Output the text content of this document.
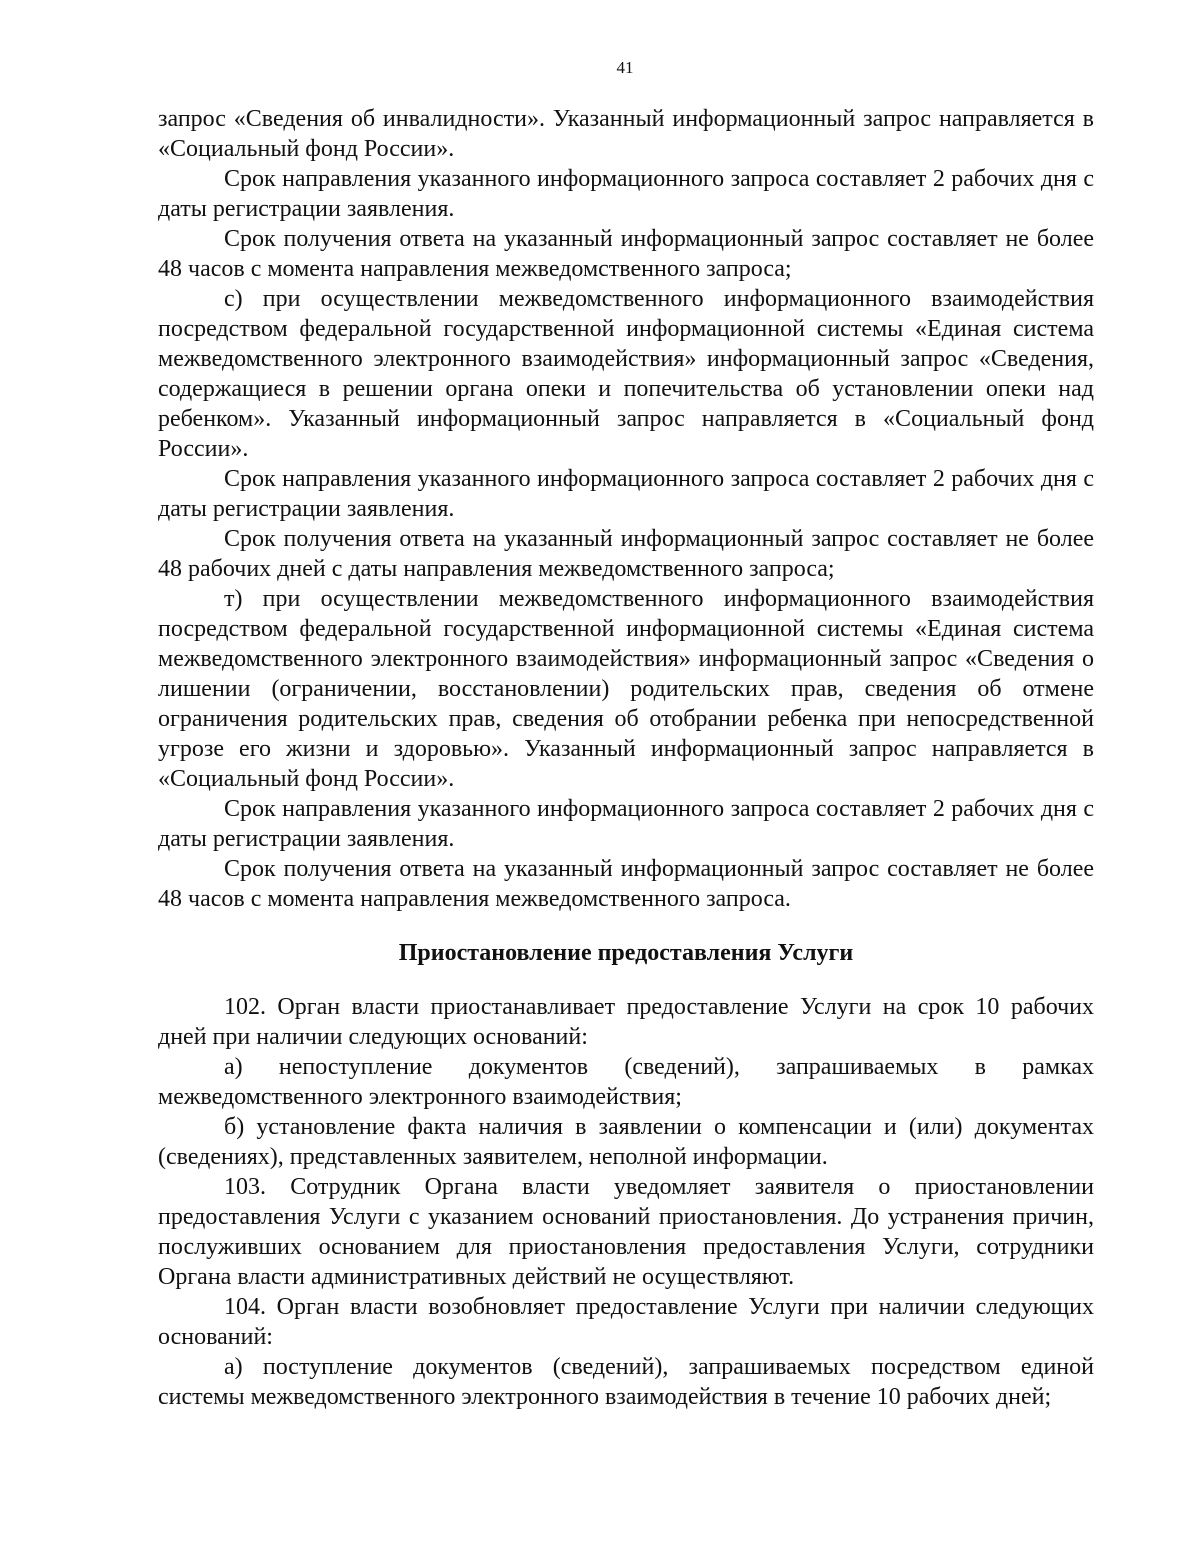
41

запрос «Сведения об инвалидности». Указанный информационный запрос направляется в «Социальный фонд России».

Срок направления указанного информационного запроса составляет 2 рабочих дня с даты регистрации заявления.

Срок получения ответа на указанный информационный запрос составляет не более 48 часов с момента направления межведомственного запроса;

с) при осуществлении межведомственного информационного взаимодействия посредством федеральной государственной информационной системы «Единая система межведомственного электронного взаимодействия» информационный запрос «Сведения, содержащиеся в решении органа опеки и попечительства об установлении опеки над ребенком». Указанный информационный запрос направляется в «Социальный фонд России».

Срок направления указанного информационного запроса составляет 2 рабочих дня с даты регистрации заявления.

Срок получения ответа на указанный информационный запрос составляет не более 48 рабочих дней с даты направления межведомственного запроса;

т) при осуществлении межведомственного информационного взаимодействия посредством федеральной государственной информационной системы «Единая система межведомственного электронного взаимодействия» информационный запрос «Сведения о лишении (ограничении, восстановлении) родительских прав, сведения об отмене ограничения родительских прав, сведения об отобрании ребенка при непосредственной угрозе его жизни и здоровью». Указанный информационный запрос направляется в «Социальный фонд России».

Срок направления указанного информационного запроса составляет 2 рабочих дня с даты регистрации заявления.

Срок получения ответа на указанный информационный запрос составляет не более 48 часов с момента направления межведомственного запроса.

Приостановление предоставления Услуги

102. Орган власти приостанавливает предоставление Услуги на срок 10 рабочих дней при наличии следующих оснований:

а) непоступление документов (сведений), запрашиваемых в рамках межведомственного электронного взаимодействия;

б) установление факта наличия в заявлении о компенсации и (или) документах (сведениях), представленных заявителем, неполной информации.

103. Сотрудник Органа власти уведомляет заявителя о приостановлении предоставления Услуги с указанием оснований приостановления. До устранения причин, послуживших основанием для приостановления предоставления Услуги, сотрудники Органа власти административных действий не осуществляют.

104. Орган власти возобновляет предоставление Услуги при наличии следующих оснований:

а) поступление документов (сведений), запрашиваемых посредством единой системы межведомственного электронного взаимодействия в течение 10 рабочих дней;
